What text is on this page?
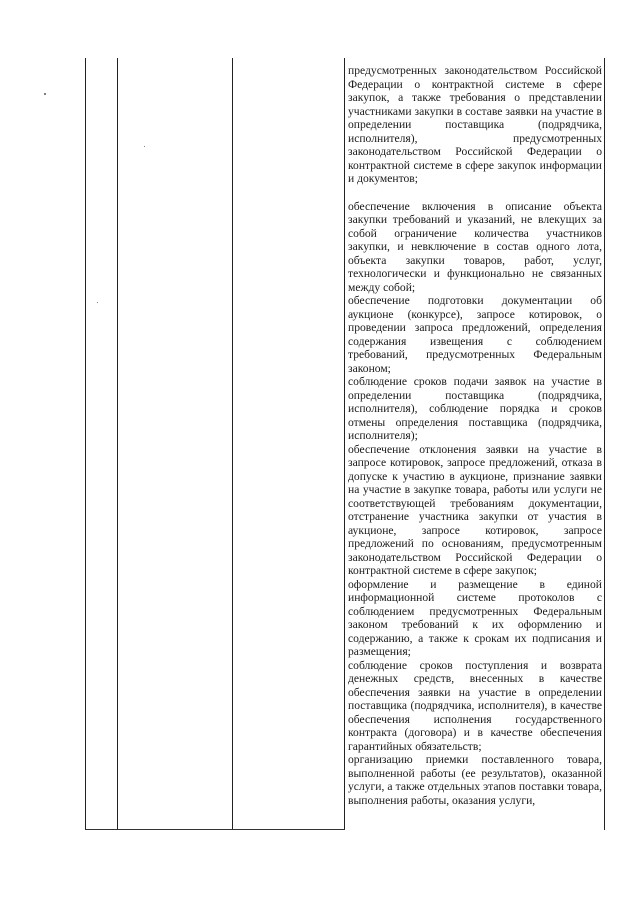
предусмотренных законодательством Российской Федерации о контрактной системе в сфере закупок, а также требования о представлении участниками закупки в составе заявки на участие в определении поставщика (подрядчика, исполнителя), предусмотренных законодательством Российской Федерации о контрактной системе в сфере закупок информации и документов;

обеспечение включения в описание объекта закупки требований и указаний, не влекущих за собой ограничение количества участников закупки, и невключение в состав одного лота, объекта закупки товаров, работ, услуг, технологически и функционально не связанных между собой;

обеспечение подготовки документации об аукционе (конкурсе), запросе котировок, о проведении запроса предложений, определения содержания извещения с соблюдением требований, предусмотренных Федеральным законом;

соблюдение сроков подачи заявок на участие в определении поставщика (подрядчика, исполнителя), соблюдение порядка и сроков отмены определения поставщика (подрядчика, исполнителя);

обеспечение отклонения заявки на участие в запросе котировок, запросе предложений, отказа в допуске к участию в аукционе, признание заявки на участие в закупке товара, работы или услуги не соответствующей требованиям документации, отстранение участника закупки от участия в аукционе, запросе котировок, запросе предложений по основаниям, предусмотренным законодательством Российской Федерации о контрактной системе в сфере закупок;

оформление и размещение в единой информационной системе протоколов с соблюдением предусмотренных Федеральным законом требований к их оформлению и содержанию, а также к срокам их подписания и размещения;

соблюдение сроков поступления и возврата денежных средств, внесенных в качестве обеспечения заявки на участие в определении поставщика (подрядчика, исполнителя), в качестве обеспечения исполнения государственного контракта (договора) и в качестве обеспечения гарантийных обязательств;

организацию приемки поставленного товара, выполненной работы (ее результатов), оказанной услуги, а также отдельных этапов поставки товара, выполнения работы, оказания услуги,
